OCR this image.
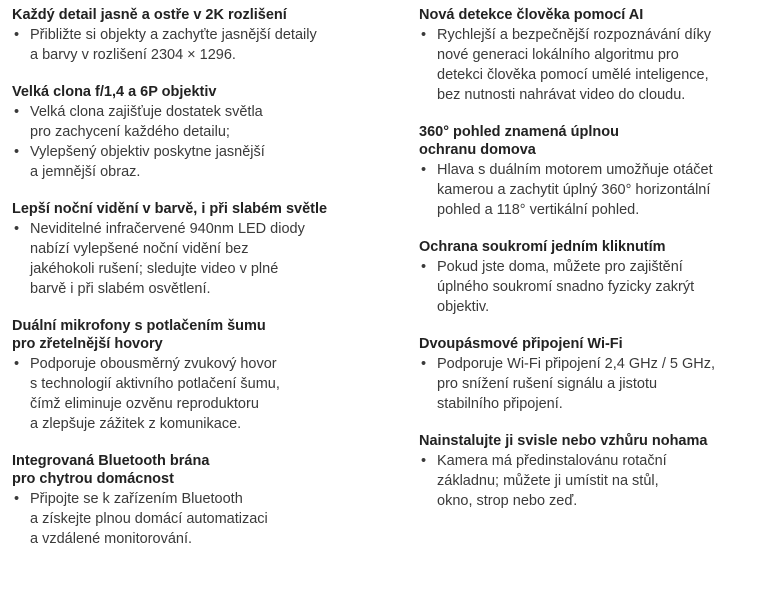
Každý detail jasně a ostře v 2K rozlišení
• Přibližte si objekty a zachyťte jasnější detaily
a barvy v rozlišení 2304 × 1296.
Velká clona f/1,4 a 6P objektiv
• Velká clona zajišťuje dostatek světla
pro zachycení každého detailu;
• Vylepšený objektiv poskytne jasnější
a jemnější obraz.
Lepší noční vidění v barvě, i při slabém světle
• Neviditelné infračervené 940nm LED diody
nabízí vylepšené noční vidění bez
jakéhokoli rušení; sledujte video v plné
barvě i při slabém osvětlení.
Duální mikrofony s potlačením šumu
pro zřetelnější hovory
• Podporuje obousměrný zvukový hovor
s technologií aktivního potlačení šumu,
čímž eliminuje ozvěnu reproduktoru
a zlepšuje zážitek z komunikace.
Integrovaná Bluetooth brána
pro chytrou domácnost
• Připojte se k zařízením Bluetooth
a získejte plnou domácí automatizaci
a vzdálené monitorování.
Nová detekce člověka pomocí AI
• Rychlejší a bezpečnější rozpoznávání díky
nové generaci lokálního algoritmu pro
detekci člověka pomocí umělé inteligence,
bez nutnosti nahrávat video do cloudu.
360° pohled znamená úplnou
ochranu domova
• Hlava s duálním motorem umožňuje otáčet
kamerou a zachytit úplný 360° horizontální
pohled a 118° vertikální pohled.
Ochrana soukromí jedním kliknutím
• Pokud jste doma, můžete pro zajištění
úplného soukromí snadno fyzicky zakrýt
objektiv.
Dvoupásmové připojení Wi-Fi
• Podporuje Wi-Fi připojení 2,4 GHz / 5 GHz,
pro snížení rušení signálu a jistotu
stabilního připojení.
Nainstalujte ji svisle nebo vzhůru nohama
• Kamera má předinstalovánu rotační
základnu; můžete ji umístit na stůl,
okno, strop nebo zeď.
